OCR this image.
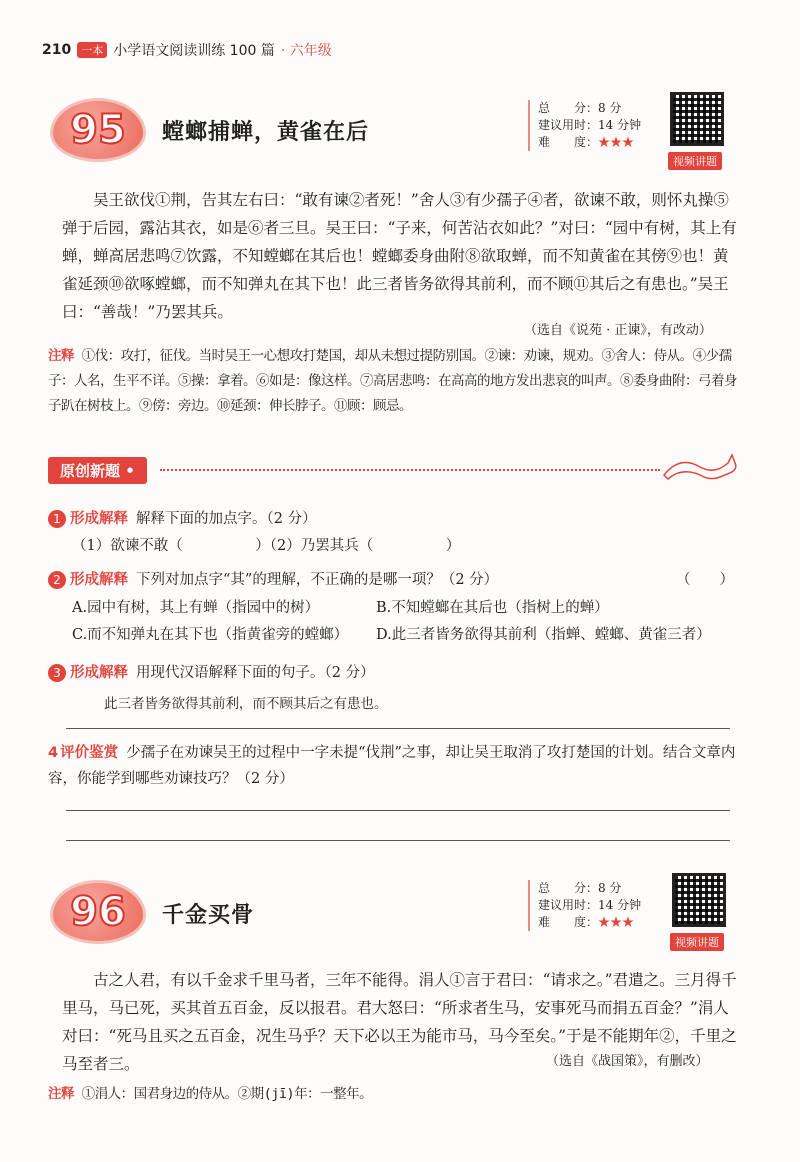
210 一本 小学语文阅读训练 100 篇 · 六年级
95 螳螂捕蝉，黄雀在后
总　　分：8 分
建议用时：14 分钟
难　　度：★★★
视频讲题
吴王欲伐①荆，告其左右曰：“敢有谏②者死！”舍人③有少孺子④者，欲谏不敢，则怀丸操⑤弹于后园，露沾其衣，如是⑥者三旦。吴王曰：“子来，何苦沾衣如此？”对曰：“园中有树，其上有蝉，蝉高居悲鸣⑦饮露，不知螳螂在其后也！螳螂委身曲附⑧欲取蝉，而不知黄雀在其傍⑨也！黄雀延颈⑩欲啄螳螂，而不知弹丸在其下也！此三者皆务欲得其前利，而不顾⑪其后之有患也。”吴王曰：“善哉！”乃罢其兵。
（选自《说苑 · 正谏》，有改动）
注释 ①伐：攻打，征伐。当时吴王一心想攻打楚国，却从未想过提防别国。②谏：劝谏，规劝。③舍人：侍从。④少孺子：人名，生平不详。⑤操：拿着。⑥如是：像这样。⑦高居悲鸣：在高高的地方发出悲哀的叫声。⑧委身曲附：弓着身子趴在树枝上。⑨傍：旁边。⑩延颈：伸长脖子。⑪顾：顾忌。
原创新题 •
1 形成解释 解释下面的加点字。（2 分）
（1）欲谏不敢（　　　　　）（2）乃罢其兵（　　　　　）
2 形成解释 下列对加点字“其”的理解，不正确的是哪一项？（2 分）	（　　）
A.园中有树，其上有蝉（指园中的树）	B.不知螳螂在其后也（指树上的蝉）
C.而不知弹丸在其下也（指黄雀旁的螳螂） D.此三者皆务欲得其前利（指蝉、螳螂、黄雀三者）
3 形成解释 用现代汉语解释下面的句子。（2 分）
此三者皆务欲得其前利，而不顾其后之有患也。
4 评价鉴赏 少孺子在劝谏吴王的过程中一字未提“伐荆”之事，却让吴王取消了攻打楚国的计划。结合文章内容，你能学到哪些劝谏技巧？（2 分）
96 千金买骨
总　　分：8 分
建议用时：14 分钟
难　　度：★★★
视频讲题
古之人君，有以千金求千里马者，三年不能得。涓人①言于君曰：“请求之。”君遣之。三月得千里马，马已死，买其首五百金，反以报君。君大怒曰：“所求者生马，安事死马而捐五百金？”涓人对曰：“死马且买之五百金，况生马乎？天下必以王为能市马，马今至矣。”于是不能期年②，千里之马至者三。	（选自《战国策》，有删改）
注释 ①涓人：国君身边的侍从。②期(jī)年：一整年。
